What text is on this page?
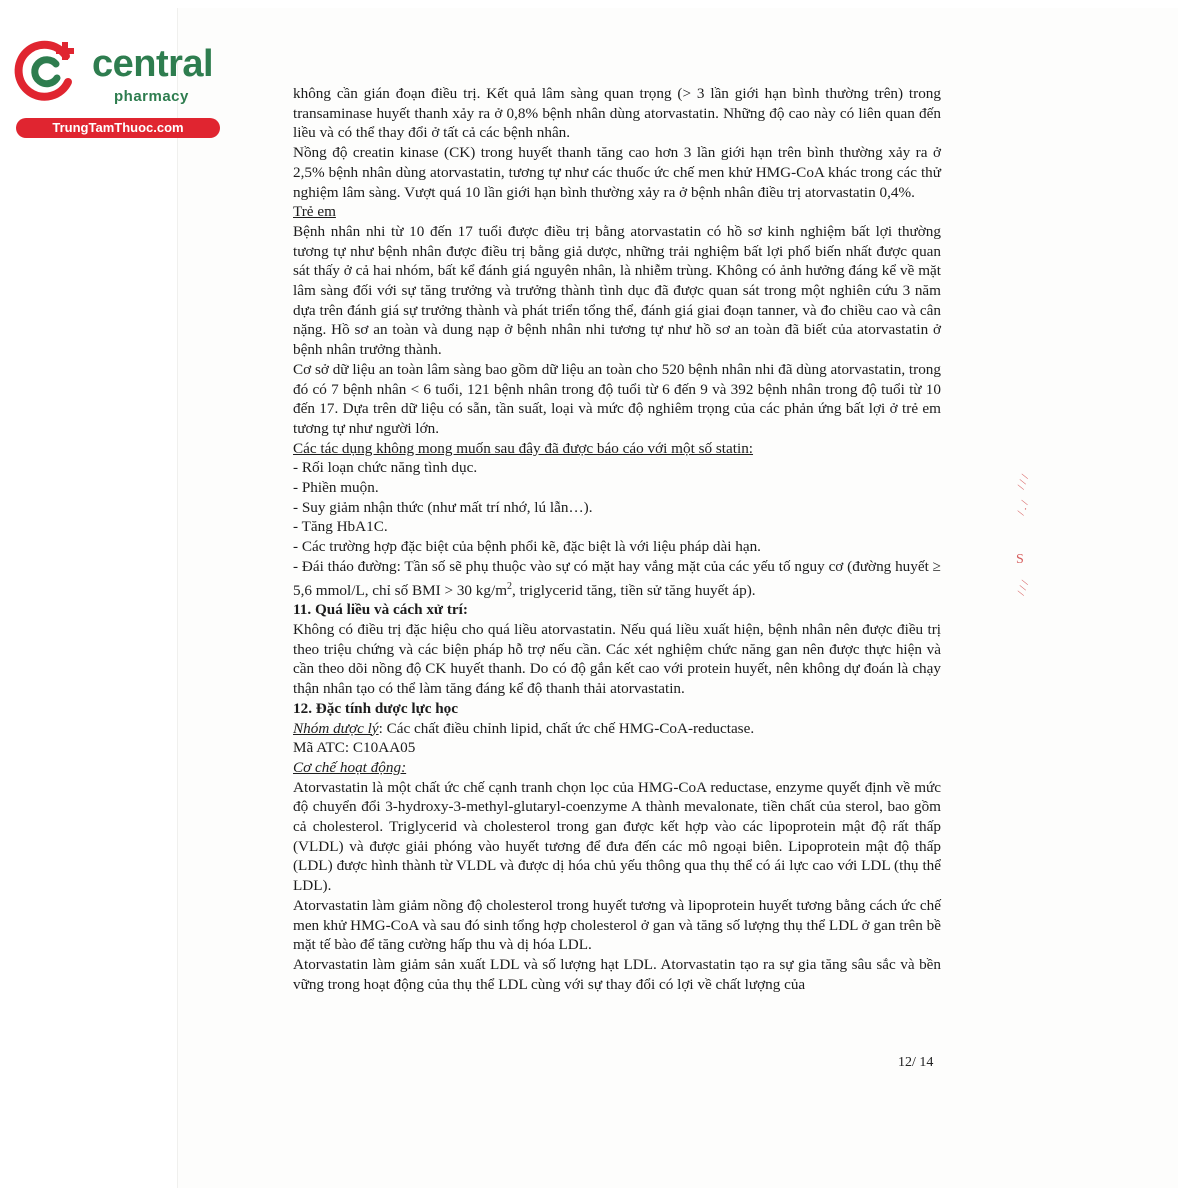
central
pharmacy
TrungTamThuoc.com

không cần gián đoạn điều trị. Kết quả lâm sàng quan trọng (> 3 lần giới hạn bình thường trên) trong transaminase huyết thanh xảy ra ở 0,8% bệnh nhân dùng atorvastatin. Những độ cao này có liên quan đến liều và có thể thay đổi ở tất cả các bệnh nhân.

Nồng độ creatin kinase (CK) trong huyết thanh tăng cao hơn 3 lần giới hạn trên bình thường xảy ra ở 2,5% bệnh nhân dùng atorvastatin, tương tự như các thuốc ức chế men khử HMG-CoA khác trong các thử nghiệm lâm sàng. Vượt quá 10 lần giới hạn bình thường xảy ra ở bệnh nhân điều trị atorvastatin 0,4%.

Trẻ em

Bệnh nhân nhi từ 10 đến 17 tuổi được điều trị bằng atorvastatin có hồ sơ kinh nghiệm bất lợi thường tương tự như bệnh nhân được điều trị bằng giả dược, những trải nghiệm bất lợi phổ biến nhất được quan sát thấy ở cả hai nhóm, bất kể đánh giá nguyên nhân, là nhiễm trùng. Không có ảnh hưởng đáng kể về mặt lâm sàng đối với sự tăng trưởng và trưởng thành tình dục đã được quan sát trong một nghiên cứu 3 năm dựa trên đánh giá sự trưởng thành và phát triển tổng thể, đánh giá giai đoạn tanner, và đo chiều cao và cân nặng. Hồ sơ an toàn và dung nạp ở bệnh nhân nhi tương tự như hồ sơ an toàn đã biết của atorvastatin ở bệnh nhân trưởng thành.

Cơ sở dữ liệu an toàn lâm sàng bao gồm dữ liệu an toàn cho 520 bệnh nhân nhi đã dùng atorvastatin, trong đó có 7 bệnh nhân < 6 tuổi, 121 bệnh nhân trong độ tuổi từ 6 đến 9 và 392 bệnh nhân trong độ tuổi từ 10 đến 17. Dựa trên dữ liệu có sẵn, tần suất, loại và mức độ nghiêm trọng của các phản ứng bất lợi ở trẻ em tương tự như người lớn.

Các tác dụng không mong muốn sau đây đã được báo cáo với một số statin:

- Rối loạn chức năng tình dục.

- Phiền muộn.

- Suy giảm nhận thức (như mất trí nhớ, lú lẫn…).

- Tăng HbA1C.

- Các trường hợp đặc biệt của bệnh phổi kẽ, đặc biệt là với liệu pháp dài hạn.

- Đái tháo đường: Tần số sẽ phụ thuộc vào sự có mặt hay vắng mặt của các yếu tố nguy cơ (đường huyết ≥ 5,6 mmol/L, chỉ số BMI > 30 $kg/m^2$, triglycerid tăng, tiền sử tăng huyết áp).

11. Quá liều và cách xử trí:

Không có điều trị đặc hiệu cho quá liều atorvastatin. Nếu quá liều xuất hiện, bệnh nhân nên được điều trị theo triệu chứng và các biện pháp hỗ trợ nếu cần. Các xét nghiệm chức năng gan nên được thực hiện và cần theo dõi nồng độ CK huyết thanh. Do có độ gắn kết cao với protein huyết, nên không dự đoán là chạy thận nhân tạo có thể làm tăng đáng kể độ thanh thải atorvastatin.

12. Đặc tính dược lực học

Nhóm dược lý: Các chất điều chỉnh lipid, chất ức chế HMG-CoA-reductase.

Mã ATC: C10AA05

Cơ chế hoạt động:

Atorvastatin là một chất ức chế cạnh tranh chọn lọc của HMG-CoA reductase, enzyme quyết định về mức độ chuyển đổi 3-hydroxy-3-methyl-glutaryl-coenzyme A thành mevalonate, tiền chất của sterol, bao gồm cả cholesterol. Triglycerid và cholesterol trong gan được kết hợp vào các lipoprotein mật độ rất thấp (VLDL) và được giải phóng vào huyết tương để đưa đến các mô ngoại biên. Lipoprotein mật độ thấp (LDL) được hình thành từ VLDL và được dị hóa chủ yếu thông qua thụ thể có ái lực cao với LDL (thụ thể LDL).

Atorvastatin làm giảm nồng độ cholesterol trong huyết tương và lipoprotein huyết tương bằng cách ức chế men khử HMG-CoA và sau đó sinh tổng hợp cholesterol ở gan và tăng số lượng thụ thể LDL ở gan trên bề mặt tế bào để tăng cường hấp thu và dị hóa LDL.

Atorvastatin làm giảm sản xuất LDL và số lượng hạt LDL. Atorvastatin tạo ra sự gia tăng sâu sắc và bền vững trong hoạt động của thụ thể LDL cùng với sự thay đổi có lợi về chất lượng của

12/ 14
/ / /
/ . /
S
/ / /
